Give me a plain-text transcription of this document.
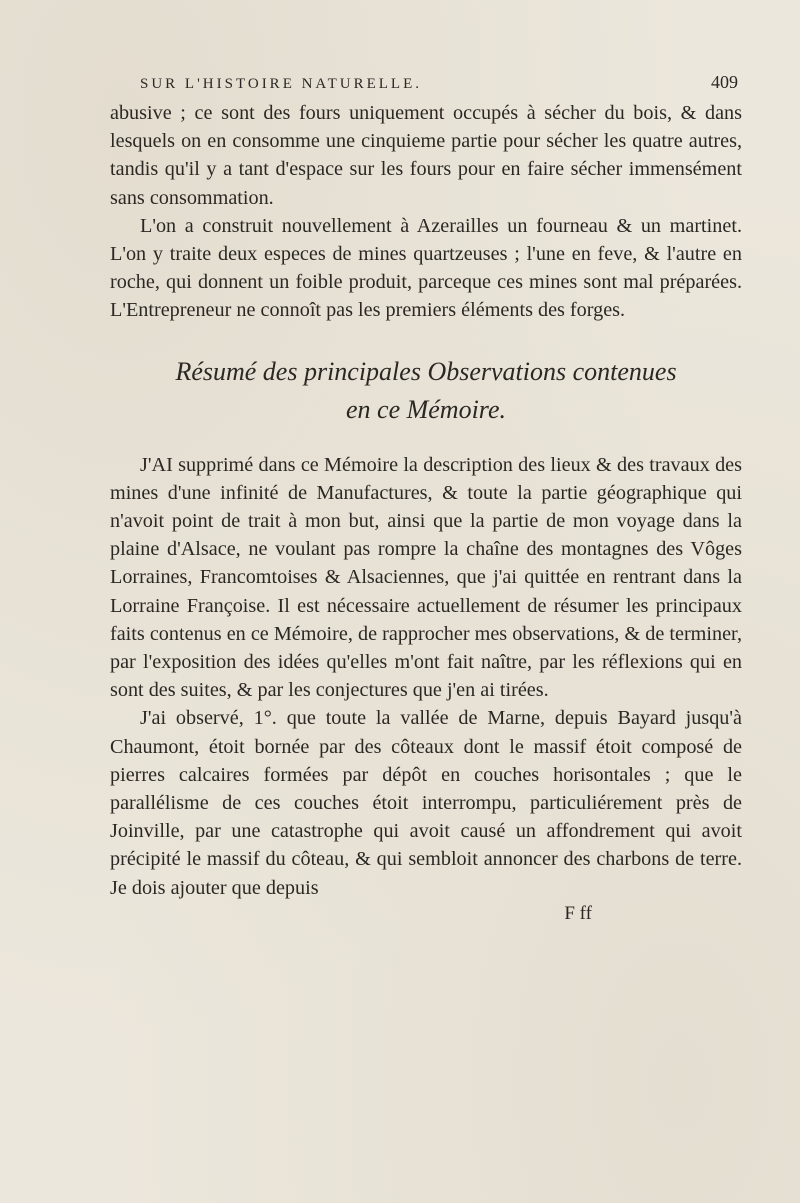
SUR L'HISTOIRE NATURELLE.	409

abusive ; ce sont des fours uniquement occupés à sécher du bois, & dans lesquels on en consomme une cinquieme partie pour sécher les quatre autres, tandis qu'il y a tant d'espace sur les fours pour en faire sécher immensément sans consommation.

L'on a construit nouvellement à Azerailles un fourneau & un martinet. L'on y traite deux especes de mines quartzeuses ; l'une en feve, & l'autre en roche, qui donnent un foible produit, parceque ces mines sont mal préparées. L'Entrepreneur ne connoît pas les premiers éléments des forges.

Résumé des principales Observations contenues
en ce Mémoire.

J'AI supprimé dans ce Mémoire la description des lieux & des travaux des mines d'une infinité de Manufactures, & toute la partie géographique qui n'avoit point de trait à mon but, ainsi que la partie de mon voyage dans la plaine d'Alsace, ne voulant pas rompre la chaîne des montagnes des Vôges Lorraines, Francomtoises & Alsaciennes, que j'ai quittée en rentrant dans la Lorraine Françoise. Il est nécessaire actuellement de résumer les principaux faits contenus en ce Mémoire, de rapprocher mes observations, & de terminer, par l'exposition des idées qu'elles m'ont fait naître, par les réflexions qui en sont des suites, & par les conjectures que j'en ai tirées.

J'ai observé, 1°. que toute la vallée de Marne, depuis Bayard jusqu'à Chaumont, étoit bornée par des côteaux dont le massif étoit composé de pierres calcaires formées par dépôt en couches horisontales ; que le parallélisme de ces couches étoit interrompu, particuliérement près de Joinville, par une catastrophe qui avoit causé un affondrement qui avoit précipité le massif du côteau, & qui sembloit annoncer des charbons de terre. Je dois ajouter que depuis

F ff
